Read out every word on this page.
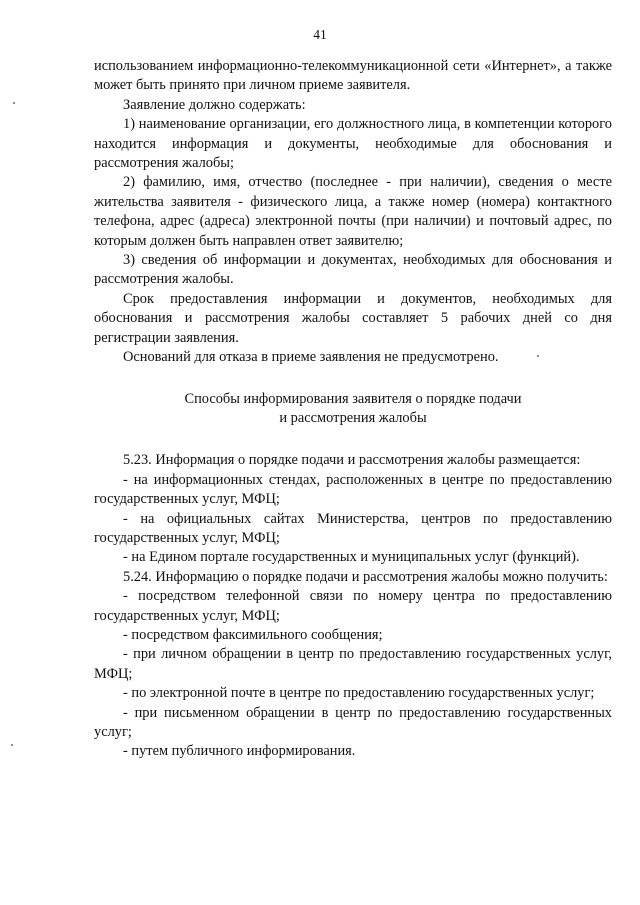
41

использованием информационно-телекоммуникационной сети «Интернет», а также может быть принято при личном приеме заявителя.

Заявление должно содержать:

1) наименование организации, его должностного лица, в компетенции которого находится информация и документы, необходимые для обоснования и рассмотрения жалобы;

2) фамилию, имя, отчество (последнее - при наличии), сведения о месте жительства заявителя - физического лица, а также номер (номера) контактного телефона, адрес (адреса) электронной почты (при наличии) и почтовый адрес, по которым должен быть направлен ответ заявителю;

3) сведения об информации и документах, необходимых для обоснования и рассмотрения жалобы.

Срок предоставления информации и документов, необходимых для обоснования и рассмотрения жалобы составляет 5 рабочих дней со дня регистрации заявления.

Оснований для отказа в приеме заявления не предусмотрено.

Способы информирования заявителя о порядке подачи
и рассмотрения жалобы

5.23. Информация о порядке подачи и рассмотрения жалобы размещается:

- на информационных стендах, расположенных в центре по предоставлению государственных услуг, МФЦ;

- на официальных сайтах Министерства, центров по предоставлению государственных услуг, МФЦ;

- на Едином портале государственных и муниципальных услуг (функций).

5.24. Информацию о порядке подачи и рассмотрения жалобы можно получить:

- посредством телефонной связи по номеру центра по предоставлению государственных услуг, МФЦ;

- посредством факсимильного сообщения;

- при личном обращении в центр по предоставлению государственных услуг, МФЦ;

- по электронной почте в центре по предоставлению государственных услуг;

- при письменном обращении в центр по предоставлению государственных услуг;

- путем публичного информирования.
